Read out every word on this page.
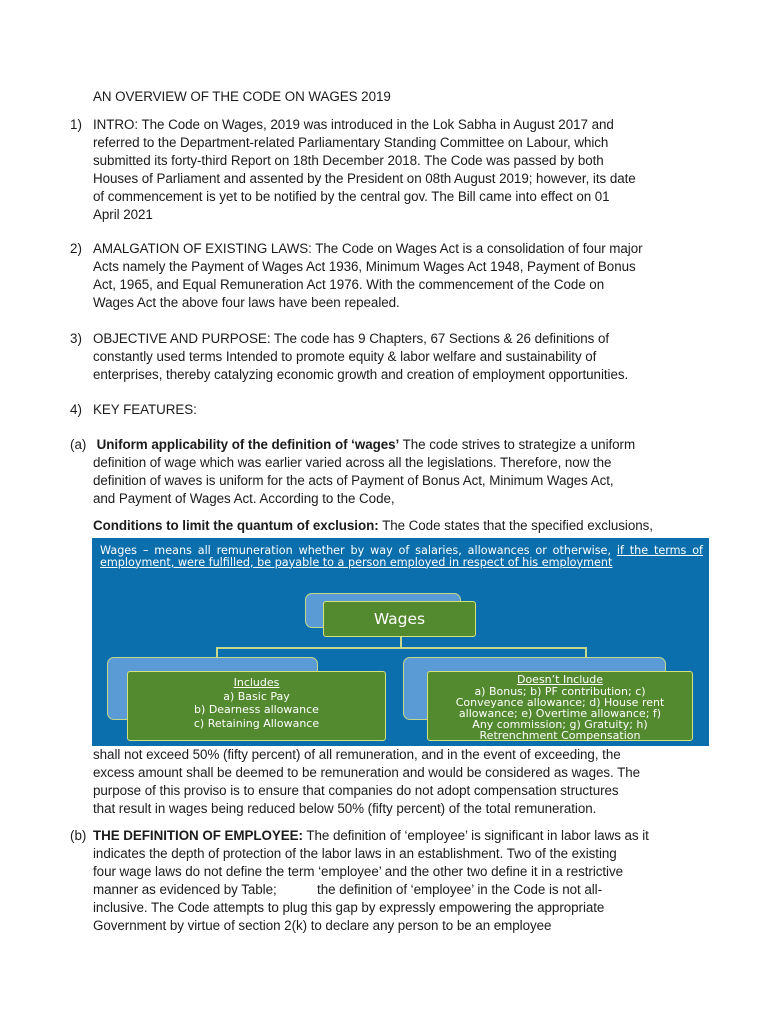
AN OVERVIEW OF THE CODE ON WAGES 2019
1) INTRO: The Code on Wages, 2019 was introduced in the Lok Sabha in August 2017 and

referred to the Department-related Parliamentary Standing Committee on Labour, which

submitted its forty-third Report on 18th December 2018. The Code was passed by both

Houses of Parliament and assented by the President on 08th August 2019; however, its date

of commencement is yet to be notified by the central gov. The Bill came into effect on 01

April 2021

2) AMALGATION OF EXISTING LAWS: The Code on Wages Act is a consolidation of four major

Acts namely the Payment of Wages Act 1936, Minimum Wages Act 1948, Payment of Bonus

Act, 1965, and Equal Remuneration Act 1976. With the commencement of the Code on

Wages Act the above four laws have been repealed.

3) OBJECTIVE AND PURPOSE: The code has 9 Chapters, 67 Sections & 26 definitions of

constantly used terms Intended to promote equity & labor welfare and sustainability of

enterprises, thereby catalyzing economic growth and creation of employment opportunities.

4) KEY FEATURES:

(a) Uniform applicability of the definition of ‘wages’ The code strives to strategize a uniform

definition of wage which was earlier varied across all the legislations. Therefore, now the

definition of waves is uniform for the acts of Payment of Bonus Act, Minimum Wages Act,

and Payment of Wages Act. According to the Code,

Conditions to limit the quantum of exclusion: The Code states that the specified exclusions,

Wages – means all remuneration whether by way of salaries, allowances or otherwise, if the terms of employment, were fulfilled, be payable to a person employed in respect of his employment
Wages
Includes
a) Basic Pay
b) Dearness allowance
c) Retaining Allowance
Doesn’t Include
a) Bonus; b) PF contribution; c)
Conveyance allowance; d) House rent
allowance; e) Overtime allowance; f)
Any commission; g) Gratuity; h)
Retrenchment Compensation

shall not exceed 50% (fifty percent) of all remuneration, and in the event of exceeding, the

excess amount shall be deemed to be remuneration and would be considered as wages. The

purpose of this proviso is to ensure that companies do not adopt compensation structures

that result in wages being reduced below 50% (fifty percent) of the total remuneration.

(b) THE DEFINITION OF EMPLOYEE: The definition of ‘employee’ is significant in labor laws as it

indicates the depth of protection of the labor laws in an establishment. Two of the existing

four wage laws do not define the term ‘employee’ and the other two define it in a restrictive

manner as evidenced by Table;           the definition of ‘employee’ in the Code is not all-

inclusive. The Code attempts to plug this gap by expressly empowering the appropriate

Government by virtue of section 2(k) to declare any person to be an employee
